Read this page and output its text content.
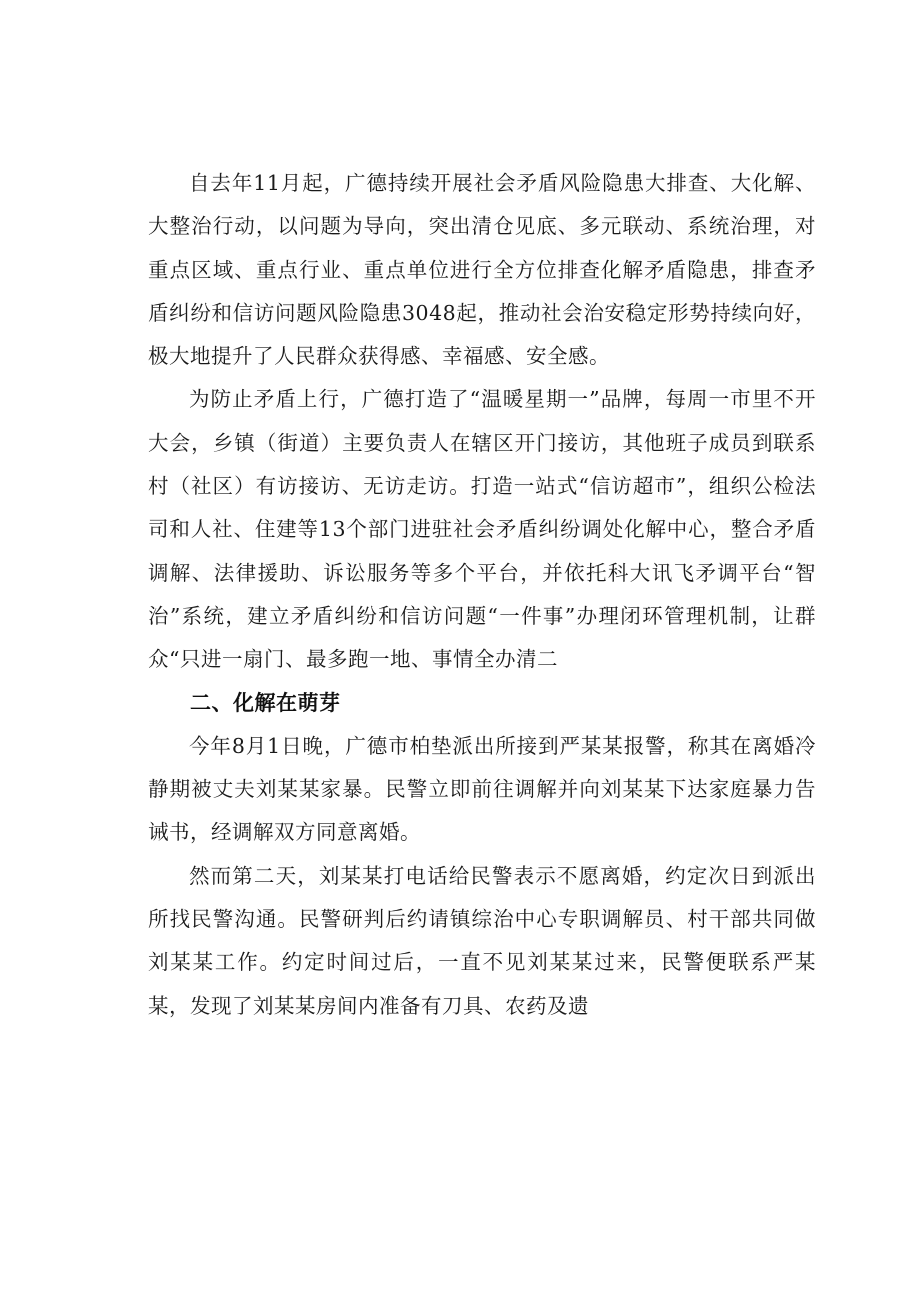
自去年11月起，广德持续开展社会矛盾风险隐患大排查、大化解、大整治行动，以问题为导向，突出清仓见底、多元联动、系统治理，对重点区域、重点行业、重点单位进行全方位排查化解矛盾隐患，排查矛盾纠纷和信访问题风险隐患3048起，推动社会治安稳定形势持续向好，极大地提升了人民群众获得感、幸福感、安全感。

为防止矛盾上行，广德打造了“温暖星期一”品牌，每周一市里不开大会，乡镇（街道）主要负责人在辖区开门接访，其他班子成员到联系村（社区）有访接访、无访走访。打造一站式“信访超市”，组织公检法司和人社、住建等13个部门进驻社会矛盾纠纷调处化解中心，整合矛盾调解、法律援助、诉讼服务等多个平台，并依托科大讯飞矛调平台“智治”系统，建立矛盾纠纷和信访问题“一件事”办理闭环管理机制，让群众“只进一扇门、最多跑一地、事情全办清二

二、化解在萌芽

今年8月1日晚，广德市柏垫派出所接到严某某报警，称其在离婚冷静期被丈夫刘某某家暴。民警立即前往调解并向刘某某下达家庭暴力告诫书，经调解双方同意离婚。

然而第二天，刘某某打电话给民警表示不愿离婚，约定次日到派出所找民警沟通。民警研判后约请镇综治中心专职调解员、村干部共同做刘某某工作。约定时间过后，一直不见刘某某过来，民警便联系严某某，发现了刘某某房间内准备有刀具、农药及遗
